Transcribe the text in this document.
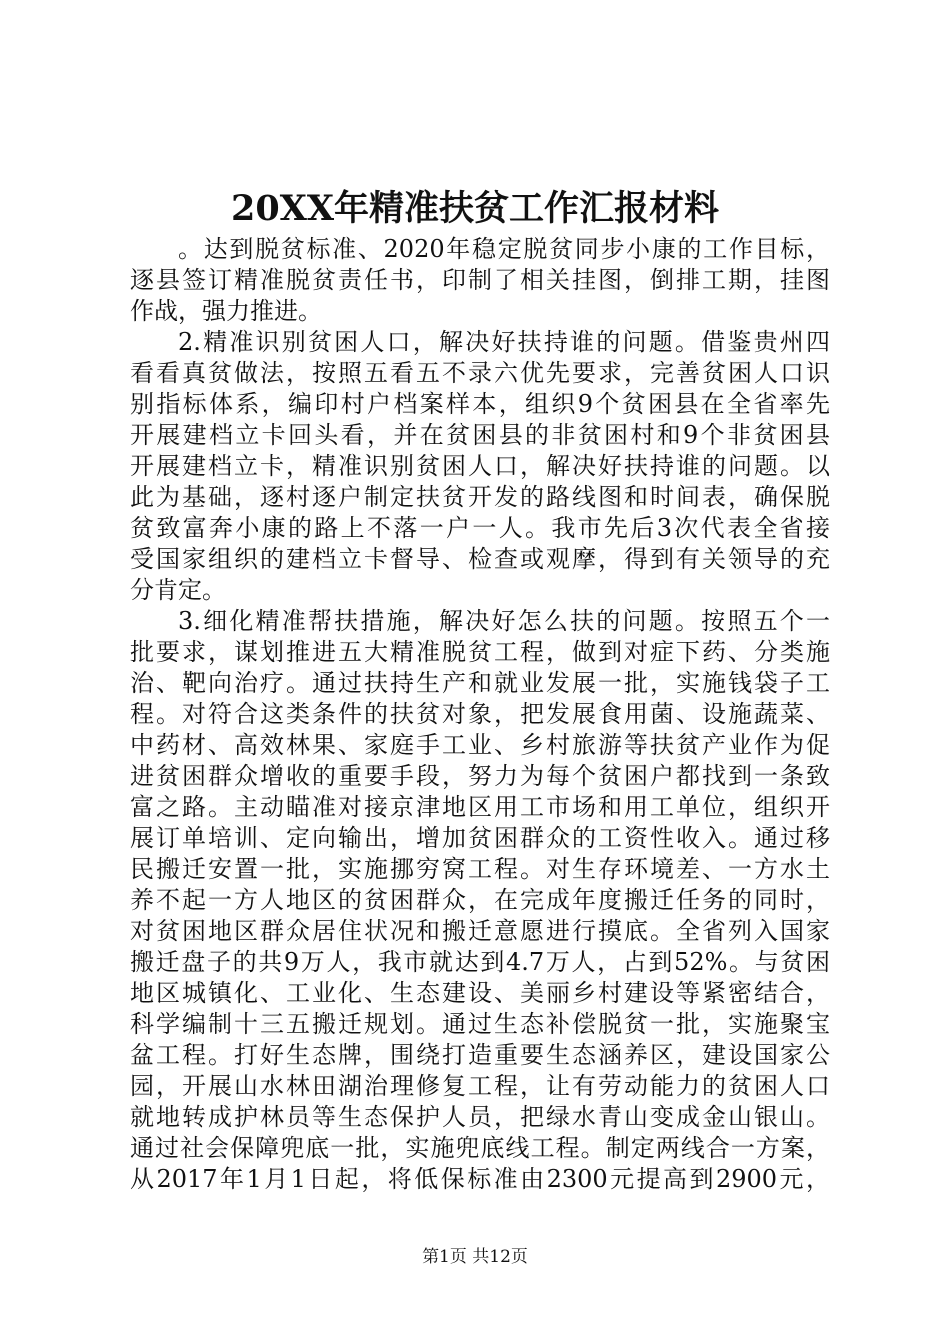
20XX年精准扶贫工作汇报材料
。达到脱贫标准、2020年稳定脱贫同步小康的工作目标，
逐县签订精准脱贫责任书，印制了相关挂图，倒排工期，挂图
作战，强力推进。
2.精准识别贫困人口，解决好扶持谁的问题。借鉴贵州四
看看真贫做法，按照五看五不录六优先要求，完善贫困人口识
别指标体系，编印村户档案样本，组织9个贫困县在全省率先
开展建档立卡回头看，并在贫困县的非贫困村和9个非贫困县
开展建档立卡，精准识别贫困人口，解决好扶持谁的问题。以
此为基础，逐村逐户制定扶贫开发的路线图和时间表，确保脱
贫致富奔小康的路上不落一户一人。我市先后3次代表全省接
受国家组织的建档立卡督导、检查或观摩，得到有关领导的充
分肯定。
3.细化精准帮扶措施，解决好怎么扶的问题。按照五个一
批要求，谋划推进五大精准脱贫工程，做到对症下药、分类施
治、靶向治疗。通过扶持生产和就业发展一批，实施钱袋子工
程。对符合这类条件的扶贫对象，把发展食用菌、设施蔬菜、
中药材、高效林果、家庭手工业、乡村旅游等扶贫产业作为促
进贫困群众增收的重要手段，努力为每个贫困户都找到一条致
富之路。主动瞄准对接京津地区用工市场和用工单位，组织开
展订单培训、定向输出，增加贫困群众的工资性收入。通过移
民搬迁安置一批，实施挪穷窝工程。对生存环境差、一方水土
养不起一方人地区的贫困群众，在完成年度搬迁任务的同时，
对贫困地区群众居住状况和搬迁意愿进行摸底。全省列入国家
搬迁盘子的共9万人，我市就达到4.7万人，占到52%。与贫困
地区城镇化、工业化、生态建设、美丽乡村建设等紧密结合，
科学编制十三五搬迁规划。通过生态补偿脱贫一批，实施聚宝
盆工程。打好生态牌，围绕打造重要生态涵养区，建设国家公
园，开展山水林田湖治理修复工程，让有劳动能力的贫困人口
就地转成护林员等生态保护人员，把绿水青山变成金山银山。
通过社会保障兜底一批，实施兜底线工程。制定两线合一方案，
从2017年1月1日起，将低保标准由2300元提高到2900元，
第1页 共12页
